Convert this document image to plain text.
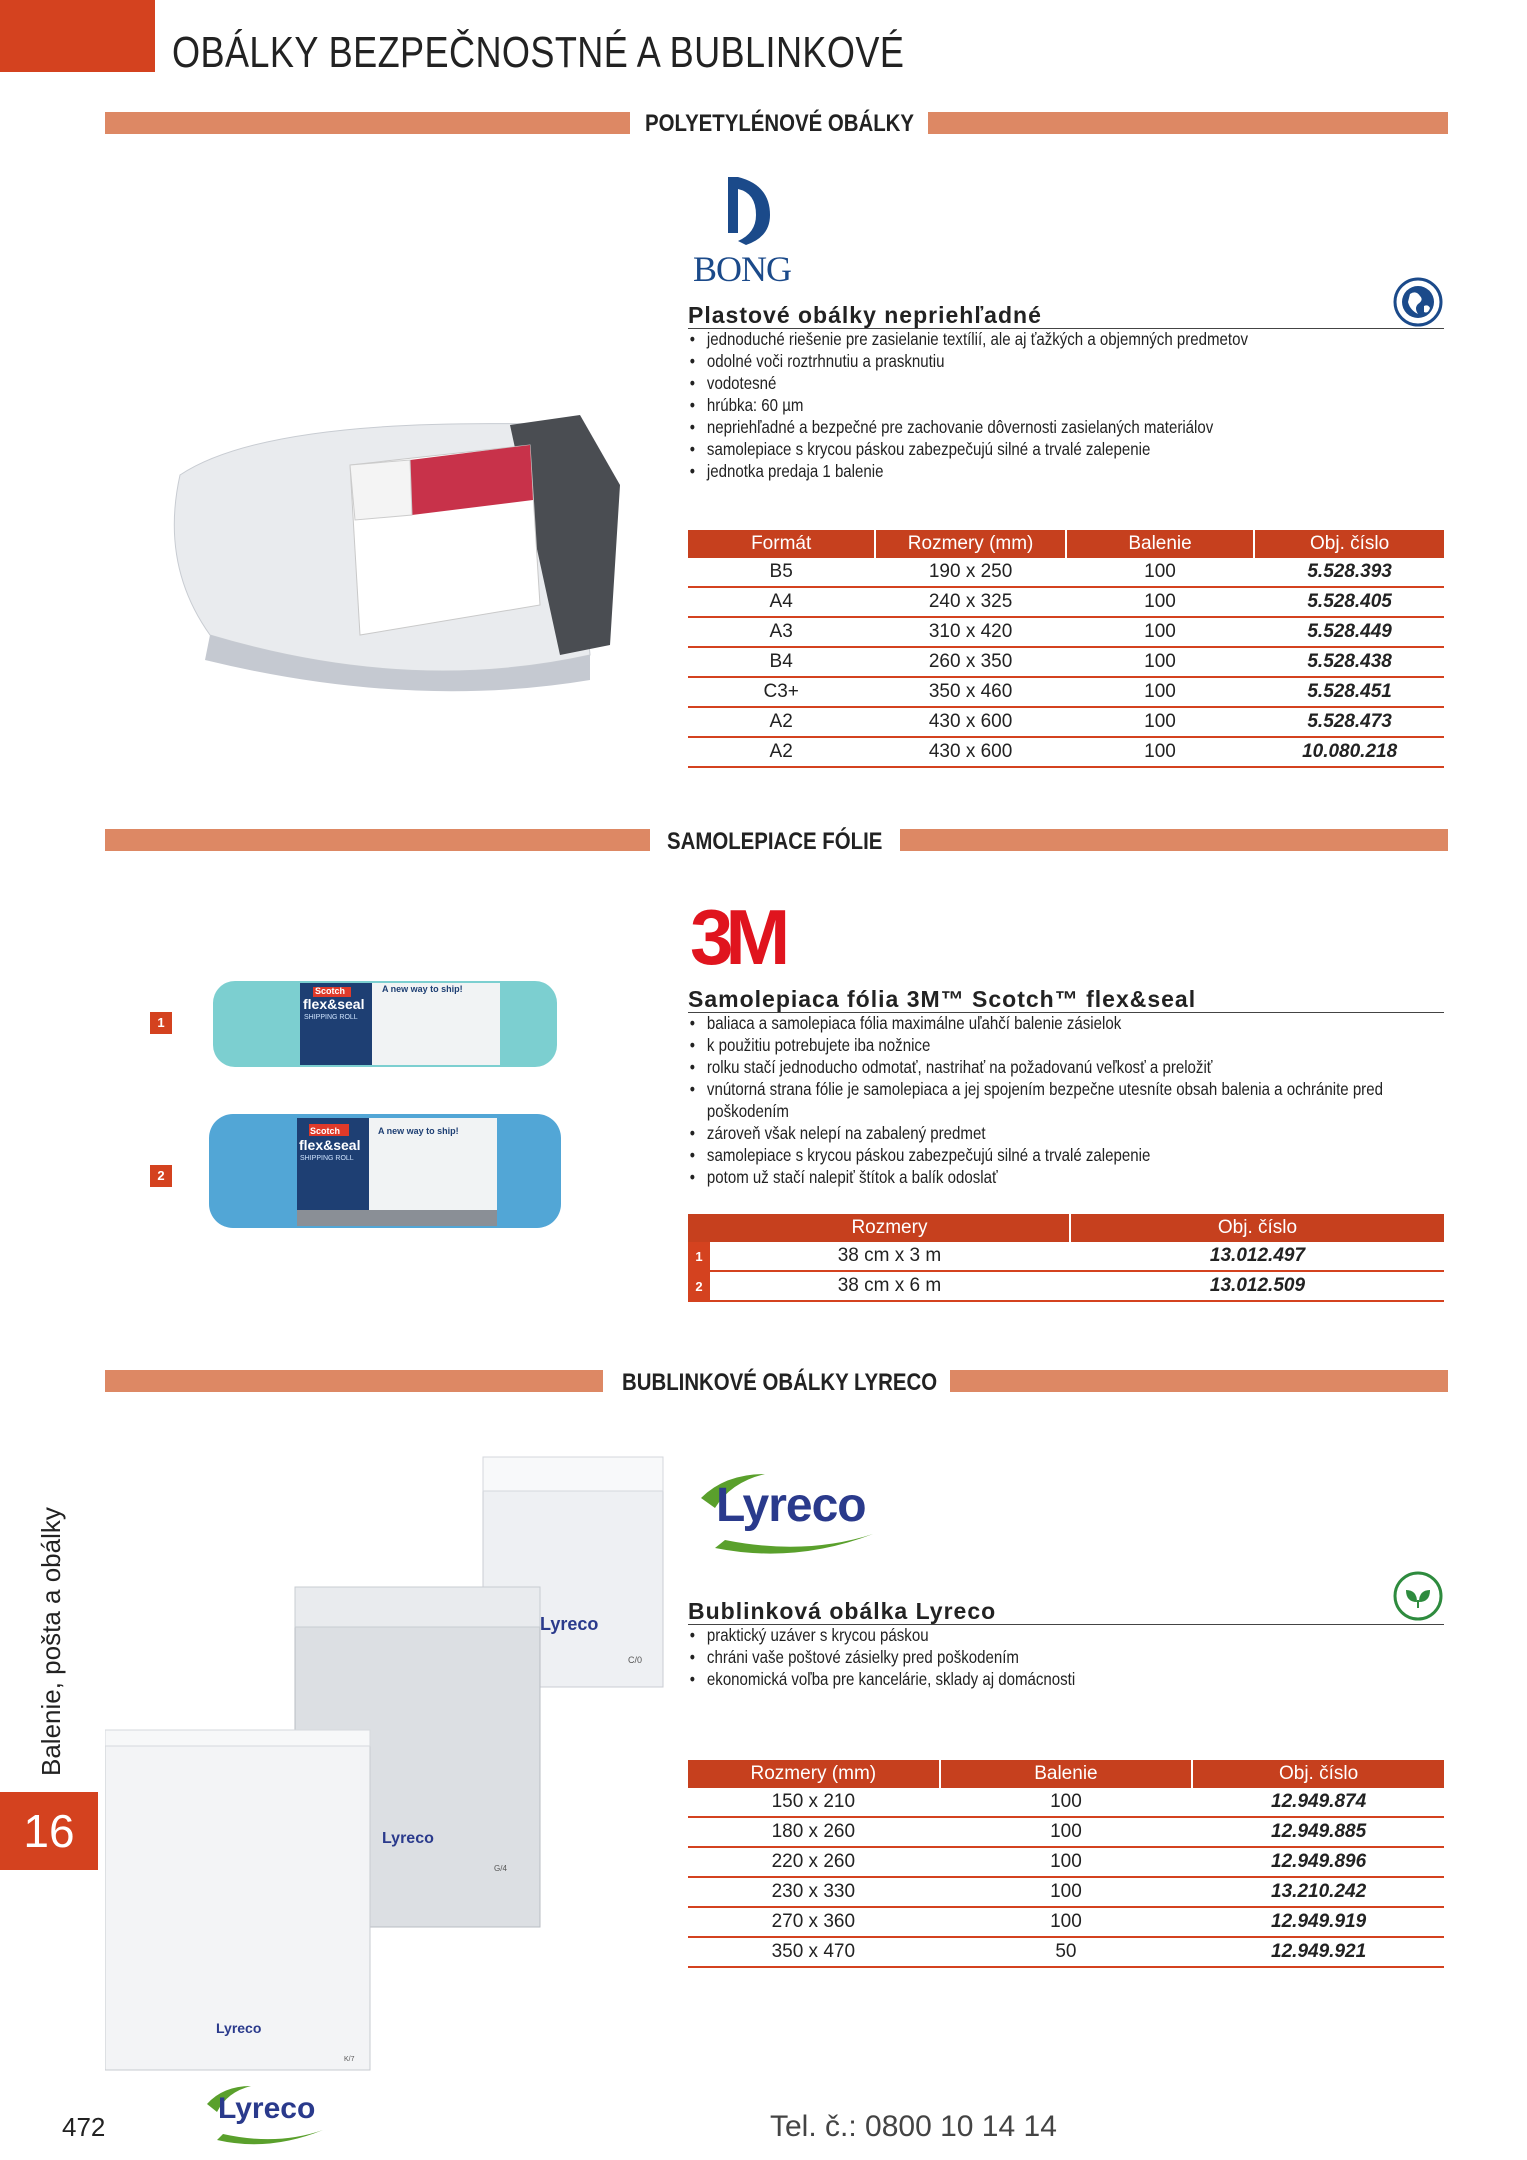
OBÁLKY BEZPEČNOSTNÉ A BUBLINKOVÉ
POLYETYLÉNOVÉ OBÁLKY
BONG
Plastové obálky nepriehľadné
• jednoduché riešenie pre zasielanie textílií, ale aj ťažkých a objemných predmetov
• odolné voči roztrhnutiu a prasknutiu
• vodotesné
• hrúbka: 60 µm
• nepriehľadné a bezpečné pre zachovanie dôvernosti zasielaných materiálov
• samolepiace s krycou páskou zabezpečujú silné a trvalé zalepenie
• jednotka predaja 1 balenie
Formát	Rozmery (mm)	Balenie	Obj. číslo
B5	190 x 250	100	5.528.393
A4	240 x 325	100	5.528.405
A3	310 x 420	100	5.528.449
B4	260 x 350	100	5.528.438
C3+	350 x 460	100	5.528.451
A2	430 x 600	100	5.528.473
A2	430 x 600	100	10.080.218
SAMOLEPIACE FÓLIE
3M
Samolepiaca fólia 3M™ Scotch™ flex&seal
• baliaca a samolepiaca fólia maximálne uľahčí balenie zásielok
• k použitiu potrebujete iba nožnice
• rolku stačí jednoducho odmotať, nastrihať na požadovanú veľkosť a preložiť
• vnútorná strana fólie je samolepiaca a jej spojením bezpečne utesníte obsah balenia a ochránite pred poškodením
• zároveň však nelepí na zabalený predmet
• samolepiace s krycou páskou zabezpečujú silné a trvalé zalepenie
• potom už stačí nalepiť štítok a balík odoslať
1
Scotch
flex&seal
SHIPPING ROLL
A new way to ship!
2
Scotch
flex&seal
SHIPPING ROLL
A new way to ship!
	Rozmery	Obj. číslo
1	38 cm x 3 m	13.012.497
2	38 cm x 6 m	13.012.509
BUBLINKOVÉ OBÁLKY LYRECO
Lyreco
Bublinková obálka Lyreco
• praktický uzáver s krycou páskou
• chráni vaše poštové zásielky pred poškodením
• ekonomická voľba pre kancelárie, sklady aj domácnosti
Lyreco
C/0
Lyreco
G/4
Lyreco
K/7
Rozmery (mm)	Balenie	Obj. číslo
150 x 210	100	12.949.874
180 x 260	100	12.949.885
220 x 260	100	12.949.896
230 x 330	100	13.210.242
270 x 360	100	12.949.919
350 x 470	50	12.949.921
Balenie, pošta a obálky
16
472
Lyreco
Tel. č.: 0800 10 14 14
